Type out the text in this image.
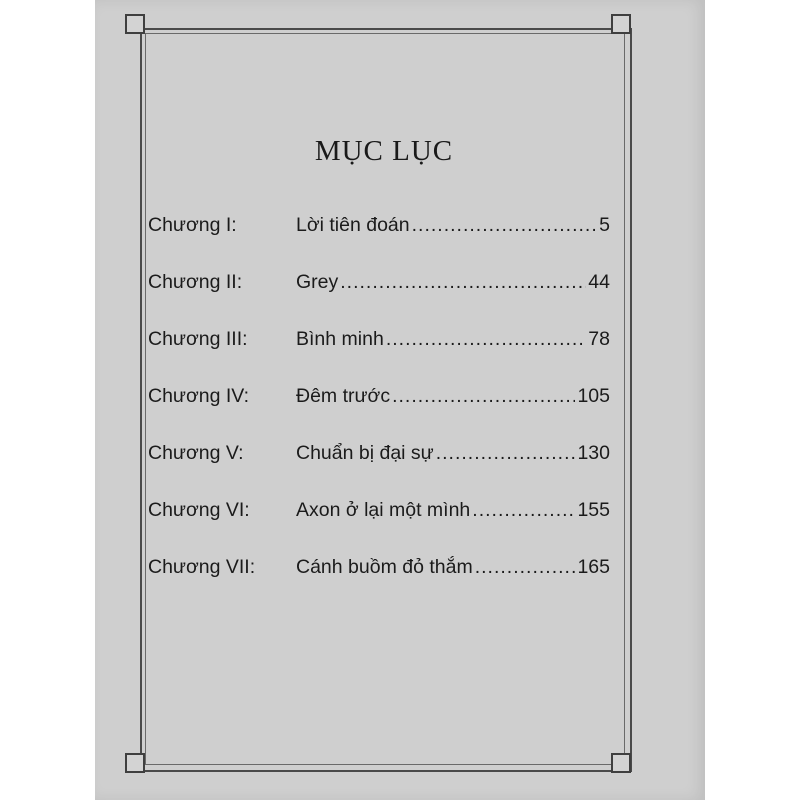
MỤC LỤC
Chương I:	Lời tiên đoán .....	5
Chương II:	Grey .....	44
Chương III:	Bình minh .....	78
Chương IV:	Đêm trước .....	105
Chương V:	Chuẩn bị đại sự .....	130
Chương VI:	Axon ở lại một mình .....	155
Chương VII:	Cánh buồm đỏ thắm .....	165
